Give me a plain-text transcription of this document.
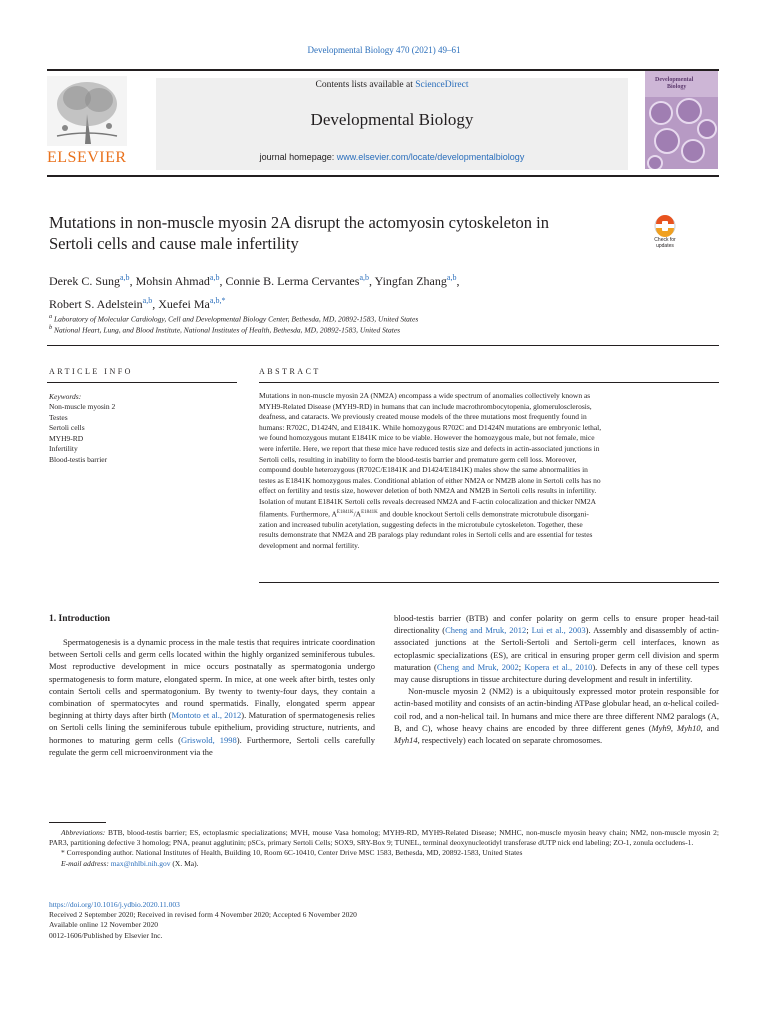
Developmental Biology 470 (2021) 49–61
ELSEVIER
Contents lists available at ScienceDirect
Developmental Biology
journal homepage: www.elsevier.com/locate/developmentalbiology
Developmental
Biology
Mutations in non-muscle myosin 2A disrupt the actomyosin cytoskeleton in
Sertoli cells and cause male infertility	Check for
updates
Derek C. Sung$^{a,b}$, Mohsin Ahmad$^{a,b}$, Connie B. Lerma Cervantes$^{a,b}$, Yingfan Zhang$^{a,b}$,
Robert S. Adelstein$^{a,b}$, Xuefei $Ma^{a,b,*}$
$^a$ Laboratory of Molecular Cardiology, Cell and Developmental Biology Center, Bethesda, MD, 20892-1583, United States
$^b$ National Heart, Lung, and Blood Institute, National Institutes of Health, Bethesda, MD, 20892-1583, United States
ARTICLE INFO	ABSTRACT
Keywords:
Non-muscle myosin 2
Testes
Sertoli cells
MYH9-RD
Infertility
Blood-testis barrier
Mutations in non-muscle myosin 2A (NM2A) encompass a wide spectrum of anomalies collectively known as
MYH9-Related Disease (MYH9-RD) in humans that can include macrothrombocytopenia, glomerulosclerosis,
deafness, and cataracts. We previously created mouse models of the three mutations most frequently found in
humans: R702C, D1424N, and E1841K. While homozygous R702C and D1424N mutations are embryonic lethal,
we found homozygous mutant E1841K mice to be viable. However the homozygous male, but not female, mice
were infertile. Here, we report that these mice have reduced testis size and defects in actin-associated junctions in
Sertoli cells, resulting in inability to form the blood-testis barrier and premature germ cell loss. Moreover,
compound double heterozygous (R702C/E1841K and D1424/E1841K) males show the same abnormalities in
testes as E1841K homozygous males. Conditional ablation of either NM2A or NM2B alone in Sertoli cells has no
effect on fertility and testis size, however deletion of both NM2A and NM2B in Sertoli cells results in infertility.
Isolation of mutant E1841K Sertoli cells reveals decreased NM2A and F-actin colocalization and thicker NM2A
filaments. Furthermore, $A^{E1841K}/A^{E1841K}$ and double knockout Sertoli cells demonstrate microtubule disorgani-
zation and increased tubulin acetylation, suggesting defects in the microtubule cytoskeleton. Together, these
results demonstrate that NM2A and 2B paralogs play redundant roles in Sertoli cells and are essential for testes
development and normal fertility.
1. Introduction

Spermatogenesis is a dynamic process in the male testis that requires intricate coordination between Sertoli cells and germ cells located within the highly organized seminiferous tubules. Most reproductive development in mice occurs postnatally as spermatogonia undergo spermatogenesis to form mature, elongated sperm. In mice, at one week after birth, testes only contain Sertoli cells and spermatogonium. By twenty to twenty-four days, they contain a combination of spermatocytes and round spermatids. Finally, elongated sperm appear beginning at thirty days after birth (Montoto et al., 2012). Maturation of spermatogenesis relies on Sertoli cells lining the seminiferous tubule epithelium, providing structure, nutrients, and hormones to maturing germ cells (Griswold, 1998). Furthermore, Sertoli cells carefully regulate the germ cell microenvironment via the

blood-testis barrier (BTB) and confer polarity on germ cells to ensure proper head-tail directionality (Cheng and Mruk, 2012; Lui et al., 2003). Assembly and disassembly of actin-associated junctions at the Sertoli-Sertoli and Sertoli-germ cell interfaces, known as ectoplasmic specializations (ES), are critical in ensuring proper germ cell division and sperm maturation (Cheng and Mruk, 2002; Kopera et al., 2010). Defects in any of these cell types may cause disruptions in tissue architecture during development and result in infertility.

Non-muscle myosin 2 (NM2) is a ubiquitously expressed motor protein responsible for actin-based motility and consists of an actin-binding ATPase globular head, an α-helical coiled-coil rod, and a non-helical tail. In humans and mice there are three different NM2 paralogs (A, B, and C), whose heavy chains are encoded by three different genes (Myh9, Myh10, and Myh14, respectively) each located on separate chromosomes.

Abbreviations: BTB, blood-testis barrier; ES, ectoplasmic specializations; MVH, mouse Vasa homolog; MYH9-RD, MYH9-Related Disease; NMHC, non-muscle myosin heavy chain; NM2, non-muscle myosin 2; PAR3, partitioning defective 3 homolog; PNA, peanut agglutinin; pSCs, primary Sertoli Cells; SOX9, SRY-Box 9; TUNEL, terminal deoxynucleotidyl transferase dUTP nick end labeling; ZO-1, zonula occludens-1.

* Corresponding author. National Institutes of Health, Building 10, Room 6C-10410, Center Drive MSC 1583, Bethesda, MD, 20892-1583, United States

E-mail address: max@nhlbi.nih.gov (X. Ma).

https://doi.org/10.1016/j.ydbio.2020.11.003
Received 2 September 2020; Received in revised form 4 November 2020; Accepted 6 November 2020
Available online 12 November 2020
0012-1606/Published by Elsevier Inc.
